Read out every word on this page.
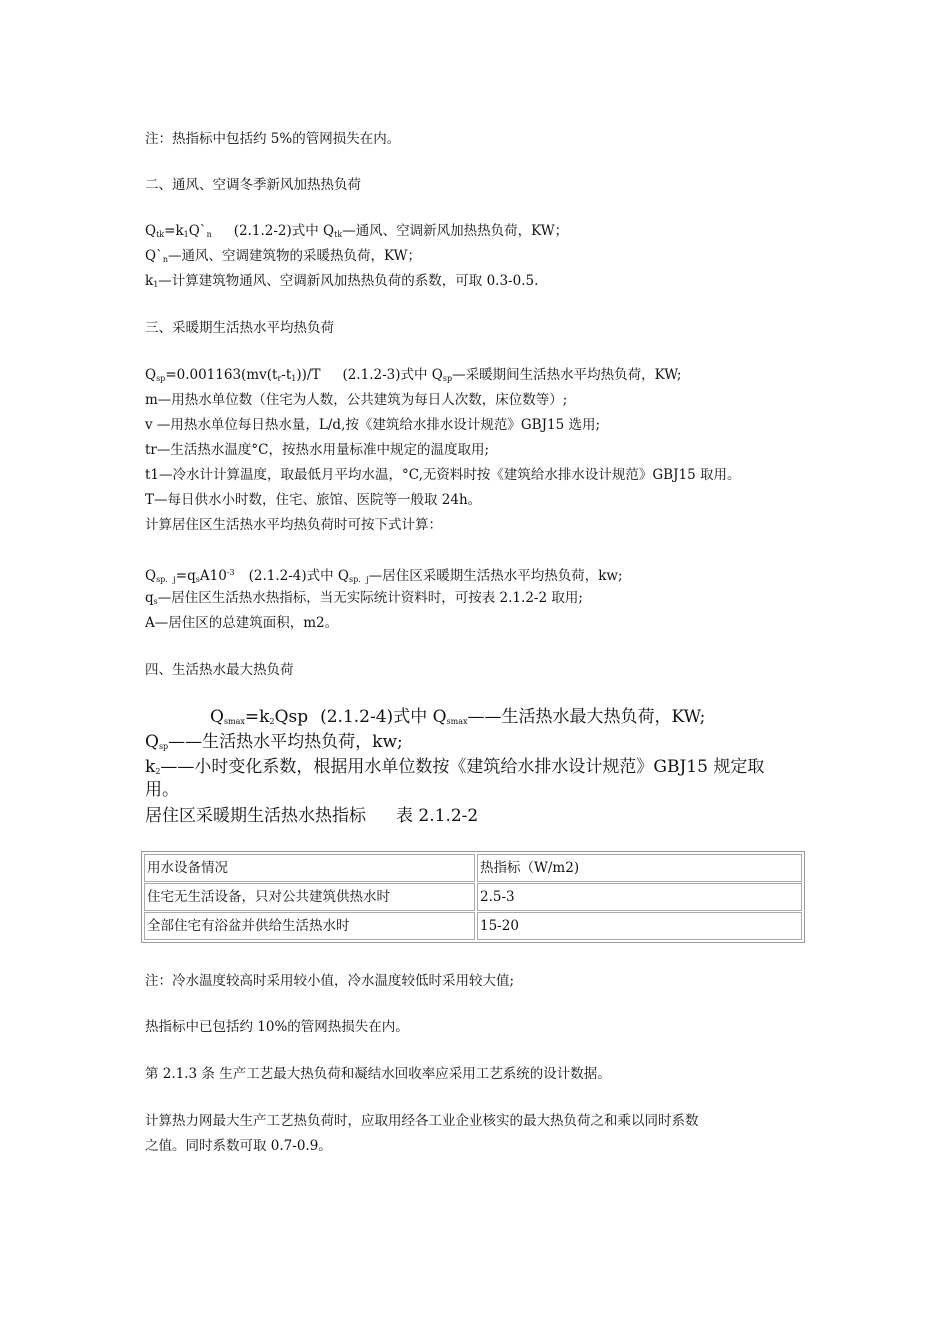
注：热指标中包括约 5%的管网损失在内。
二、通风、空调冬季新风加热热负荷
$Q_{tk}=k_1Q`_n$ (2.1.2-2)式中 $Q_{tk}—$通风、空调新风加热热负荷，KW；
$Q`_n—$通风、空调建筑物的采暖热负荷，KW；
$k_1—$计算建筑物通风、空调新风加热热负荷的系数，可取 0.3-0.5.
三、采暖期生活热水平均热负荷
$Q_{sp}=0.001163(mv(t_r-t_1))/T$ (2.1.2-3)式中 $Q_{sp}—$采暖期间生活热水平均热负荷，KW;
m—用热水单位数（住宅为人数，公共建筑为每日人次数，床位数等）;
v —用热水单位每日热水量，L/d,按《建筑给水排水设计规范》GBJ15 选用;
tr—生活热水温度°C，按热水用量标准中规定的温度取用;
t1—冷水计计算温度，取最低月平均水温，°C,无资料时按《建筑给水排水设计规范》GBJ15 取用。
T—每日供水小时数，住宅、旅馆、医院等一般取 24h。
计算居住区生活热水平均热负荷时可按下式计算：
$Q_{sp.j}=q_sA10^{-3}$ (2.1.2-4)式中 $Q_{sp.j}—$居住区采暖期生活热水平均热负荷，kw;
$q_s—$居住区生活热水热指标，当无实际统计资料时，可按表 2.1.2-2 取用;
A—居住区的总建筑面积，m2。
四、生活热水最大热负荷
$Q_{smax}=k_2Qsp$ (2.1.2-4)式中 $Q_{smax}——$生活热水最大热负荷，KW;
$Q_{sp}——$生活热水平均热负荷，kw;
$k_2——$小时变化系数，根据用水单位数按《建筑给水排水设计规范》GBJ15 规定取
用。
居住区采暖期生活热水热指标 表 2.1.2-2
用水设备情况	热指标（W/m2)
住宅无生活设备，只对公共建筑供热水时	2.5-3
全部住宅有浴盆并供给生活热水时	15-20
注：冷水温度较高时采用较小值，冷水温度较低时采用较大值;
热指标中已包括约 10%的管网热损失在内。
第 2.1.3 条 生产工艺最大热负荷和凝结水回收率应采用工艺系统的设计数据。
计算热力网最大生产工艺热负荷时，应取用经各工业企业核实的最大热负荷之和乘以同时系数
之值。同时系数可取 0.7-0.9。
